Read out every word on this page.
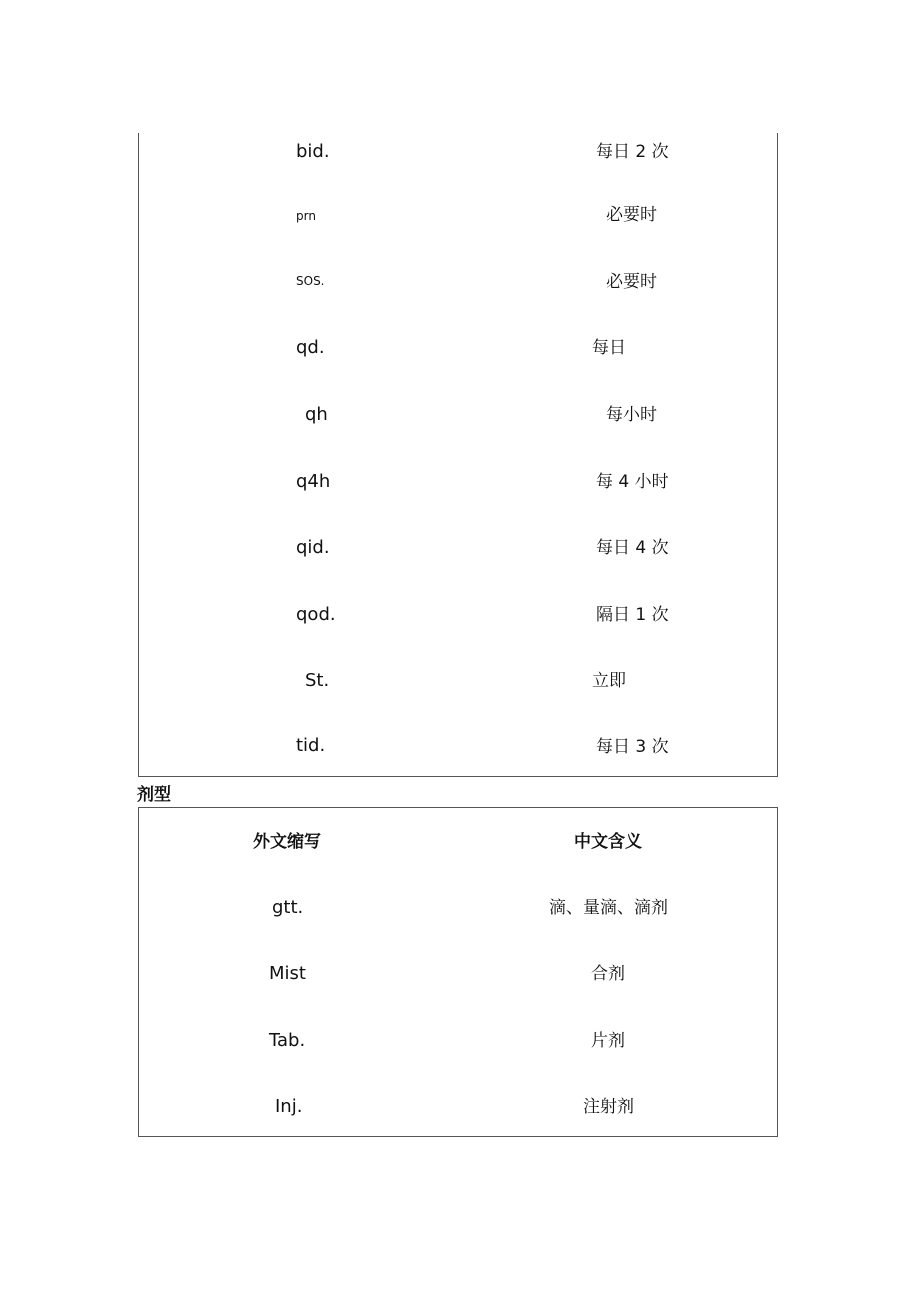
bid.	每日 2 次
prn	必要时
SOS.	必要时
qd.	每日
qh	每小时
q4h	每 4 小时
qid.	每日 4 次
qod.	隔日 1 次
St.	立即
tid.	每日 3 次
剂型
外文缩写	中文含义
gtt.	滴、量滴、滴剂
Mist	合剂
Tab.	片剂
Inj.	注射剂
